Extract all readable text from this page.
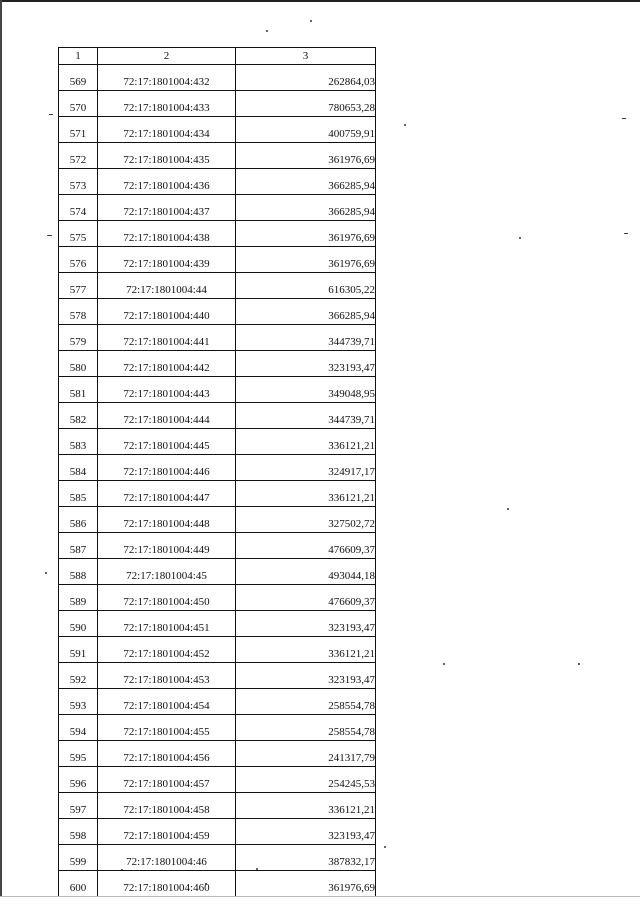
1	2	3
569	72:17:1801004:432	262864,03
570	72:17:1801004:433	780653,28
571	72:17:1801004:434	400759,91
572	72:17:1801004:435	361976,69
573	72:17:1801004:436	366285,94
574	72:17:1801004:437	366285,94
575	72:17:1801004:438	361976,69
576	72:17:1801004:439	361976,69
577	72:17:1801004:44	616305,22
578	72:17:1801004:440	366285,94
579	72:17:1801004:441	344739,71
580	72:17:1801004:442	323193,47
581	72:17:1801004:443	349048,95
582	72:17:1801004:444	344739,71
583	72:17:1801004:445	336121,21
584	72:17:1801004:446	324917,17
585	72:17:1801004:447	336121,21
586	72:17:1801004:448	327502,72
587	72:17:1801004:449	476609,37
588	72:17:1801004:45	493044,18
589	72:17:1801004:450	476609,37
590	72:17:1801004:451	323193,47
591	72:17:1801004:452	336121,21
592	72:17:1801004:453	323193,47
593	72:17:1801004:454	258554,78
594	72:17:1801004:455	258554,78
595	72:17:1801004:456	241317,79
596	72:17:1801004:457	254245,53
597	72:17:1801004:458	336121,21
598	72:17:1801004:459	323193,47
599	72:17:1801004:46	387832,17
600	72:17:1801004:460	361976,69
